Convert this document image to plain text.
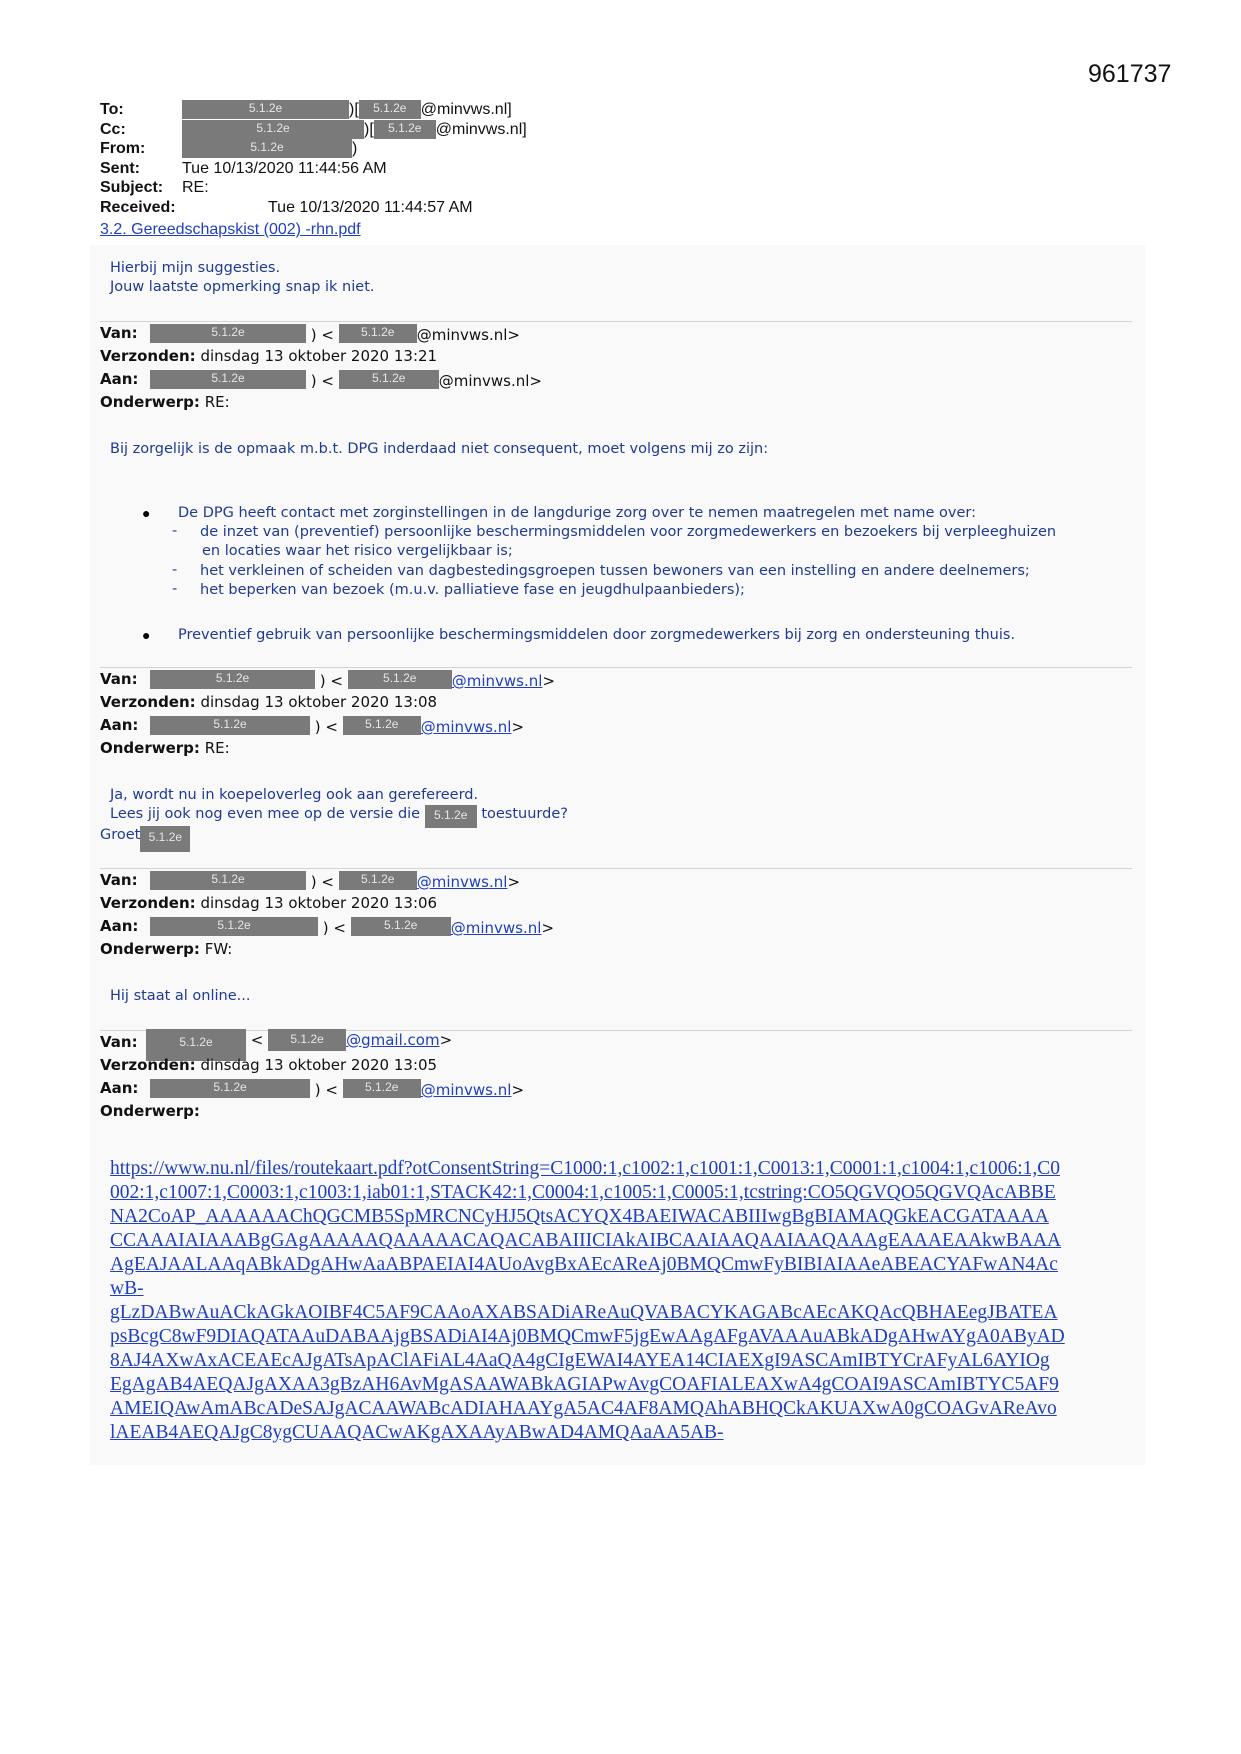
961737
To:	5.1.2e	)[ 5.1.2e @minvws.nl]
Cc:	5.1.2e	)[ 5.1.2e @minvws.nl]
From:	5.1.2e	)
Sent:	Tue 10/13/2020 11:44:56 AM
Subject: RE:
Received:	Tue 10/13/2020 11:44:57 AM
3.2. Gereedschapskist (002) -rhn.pdf
Hierbij mijn suggesties.
Jouw laatste opmerking snap ik niet.
Van:	5.1.2e	) < 5.1.2e @minvws.nl>
Verzonden: dinsdag 13 oktober 2020 13:21
Aan:	5.1.2e	) <	5.1.2e @minvws.nl>
Onderwerp: RE:
Bij zorgelijk is de opmaak m.b.t. DPG inderdaad niet consequent, moet volgens mij zo zijn:
● De DPG heeft contact met zorginstellingen in de langdurige zorg over te nemen maatregelen met name over:
- de inzet van (preventief) persoonlijke beschermingsmiddelen voor zorgmedewerkers en bezoekers bij verpleeghuizen
en locaties waar het risico vergelijkbaar is;
- het verkleinen of scheiden van dagbestedingsgroepen tussen bewoners van een instelling en andere deelnemers;
- het beperken van bezoek (m.u.v. palliatieve fase en jeugdhulpaanbieders);
● Preventief gebruik van persoonlijke beschermingsmiddelen door zorgmedewerkers bij zorg en ondersteuning thuis.
Van:	5.1.2e	) <	5.1.2e @minvws.nl>
Verzonden: dinsdag 13 oktober 2020 13:08
Aan:	5.1.2e	) < 5.1.2e @minvws.nl>
Onderwerp: RE:
Ja, wordt nu in koepeloverleg ook aan gerefereerd.
Lees jij ook nog even mee op de versie die 5.1.2e toestuurde?
Groet 5.1.2e
Van:	5.1.2e	) < 5.1.2e @minvws.nl>
Verzonden: dinsdag 13 oktober 2020 13:06
Aan:	5.1.2e	) <	5.1.2e @minvws.nl>
Onderwerp: FW:
Hij staat al online...
Van:	5.1.2e < 5.1.2e @gmail.com>
Verzonden: dinsdag 13 oktober 2020 13:05
Aan:	5.1.2e	) < 5.1.2e @minvws.nl>
Onderwerp:
https://www.nu.nl/files/routekaart.pdf?otConsentString=C1000:1,c1002:1,c1001:1,C0013:1,C0001:1,c1004:1,c1006:1,C0
002:1,c1007:1,C0003:1,c1003:1,iab01:1,STACK42:1,C0004:1,c1005:1,C0005:1,tcstring:CO5QGVQO5QGVQAcABBE
NA2CoAP_AAAAAAChQGCMB5SpMRCNCyHJ5QtsACYQX4BAEIWACABIIIwgBgBIAMAQGkEACGATAAAA
CCAAAIAIAAABgGAgAAAAAQAAAAACAQACABAIIICIAkAIBCAAIAAQAAIAAQAAAgEAAAEAAkwBAAA
AgEAJAALAAqABkADgAHwAaABPAEIAI4AUoAvgBxAEcAReAj0BMQCmwFyBIBIAIAAeABEACYAFwAN4Ac
wB-
gLzDABwAuACkAGkAOIBF4C5AF9CAAoAXABSADiAReAuQVABACYKAGABcAEcAKQAcQBHAEegJBATEA
psBcgC8wF9DIAQATAAuDABAAjgBSADiAI4Aj0BMQCmwF5jgEwAAgAFgAVAAAuABkADgAHwAYgA0AByAD
8AJ4AXwAxACEAEcAJgATsApAClAFiAL4AaQA4gCIgEWAI4AYEA14CIAEXgI9ASCAmIBTYCrAFyAL6AYIOg
EgAgAB4AEQAJgAXAA3gBzAH6AvMgASAAWABkAGIAPwAvgCOAFIALEAXwA4gCOAI9ASCAmIBTYC5AF9
AMEIQAwAmABcADeSAJgACAAWABcADIAHAAYgA5AC4AF8AMQAhABHQCkAKUAXwA0gCOAGvAReAvo
lAEAB4AEQAJgC8ygCUAAQACwAKgAXAAyABwAD4AMQAaAA5AB-
